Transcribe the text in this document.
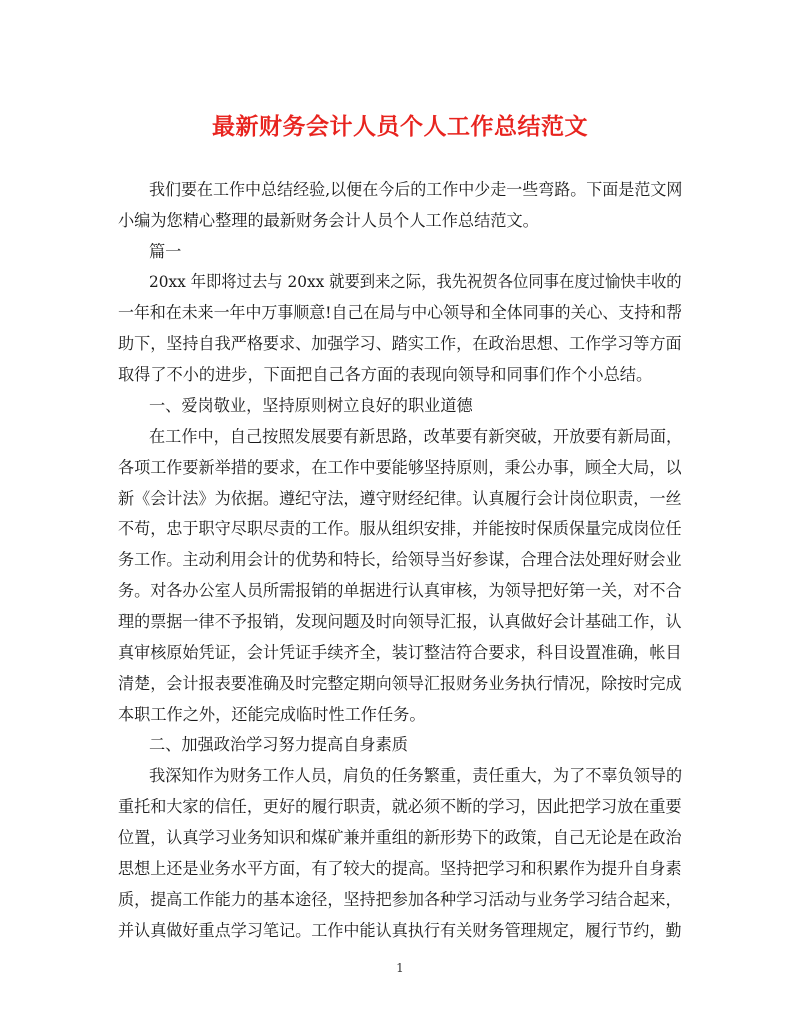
最新财务会计人员个人工作总结范文
我们要在工作中总结经验,以便在今后的工作中少走一些弯路。下面是范文网
小编为您精心整理的最新财务会计人员个人工作总结范文。
篇一
20xx 年即将过去与 20xx 就要到来之际，我先祝贺各位同事在度过愉快丰收的
一年和在未来一年中万事顺意!自己在局与中心领导和全体同事的关心、支持和帮
助下，坚持自我严格要求、加强学习、踏实工作，在政治思想、工作学习等方面
取得了不小的进步，下面把自己各方面的表现向领导和同事们作个小总结。
一、爱岗敬业，坚持原则树立良好的职业道德
在工作中，自己按照发展要有新思路，改革要有新突破，开放要有新局面，
各项工作要新举措的要求，在工作中要能够坚持原则，秉公办事，顾全大局，以
新《会计法》为依据。遵纪守法，遵守财经纪律。认真履行会计岗位职责，一丝
不苟，忠于职守尽职尽责的工作。服从组织安排，并能按时保质保量完成岗位任
务工作。主动利用会计的优势和特长，给领导当好参谋，合理合法处理好财会业
务。对各办公室人员所需报销的单据进行认真审核，为领导把好第一关，对不合
理的票据一律不予报销，发现问题及时向领导汇报，认真做好会计基础工作，认
真审核原始凭证，会计凭证手续齐全，装订整洁符合要求，科目设置准确，帐目
清楚，会计报表要准确及时完整定期向领导汇报财务业务执行情况，除按时完成
本职工作之外，还能完成临时性工作任务。
二、加强政治学习努力提高自身素质
我深知作为财务工作人员，肩负的任务繁重，责任重大，为了不辜负领导的
重托和大家的信任，更好的履行职责，就必须不断的学习，因此把学习放在重要
位置，认真学习业务知识和煤矿兼并重组的新形势下的政策，自己无论是在政治
思想上还是业务水平方面，有了较大的提高。坚持把学习和积累作为提升自身素
质，提高工作能力的基本途径，坚持把参加各种学习活动与业务学习结合起来，
并认真做好重点学习笔记。工作中能认真执行有关财务管理规定，履行节约，勤
1
